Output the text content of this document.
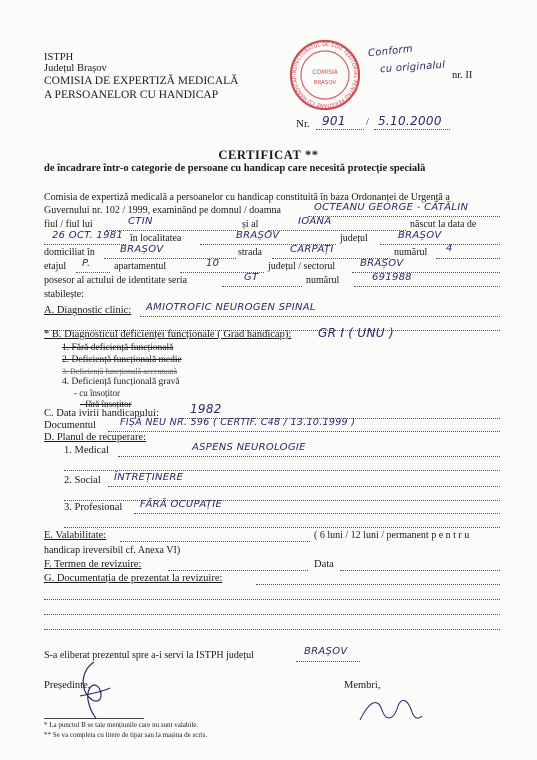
ISTPH
Județul Brașov
COMISIA DE EXPERTIZĂ MEDICALĂ
A PERSOANELOR CU HANDICAP
INSPECTORATUL DE STAT TERITORIAL PENTRU PERSOANE CU HANDICAP
COMISIA
BRAȘOV
Conform
cu originalul
nr. II
Nr. 901 / 5.10.2000
CERTIFICAT **
de încadrare într-o categorie de persoane cu handicap care necesită protecție specială
Comisia de expertiză medicală a persoanelor cu handicap constituită în baza Ordonanței de Urgență a
Guvernului nr. 102 / 1999, examinând pe domnul / doamna	OCTEANU GEORGE - CĂTĂLIN
fiul / fiul lui	CTIN	și al	IOANA	născut la data de
26 OCT. 1981 în localitatea	BRAȘOV	județul	BRAȘOV
domiciliat în	BRAȘOV	strada	CARPAȚI	numărul 4
etajul P. apartamentul	10	județul / sectorul BRAȘOV
posesor al actului de identitate seria	GT	numărul	691988
stabilește:
A. Diagnostic clinic: AMIOTROFIC NEUROGEN SPINAL
* B. Diagnosticul deficienței funcționale ( Grad handicap): GR I ( UNU )
1. Fără deficiență funcțională
2. Deficiență funcțională medie
3. Deficiență funcțională accentuată
4. Deficiență funcțională gravă
- cu însoțitor
- fără însoțitor
C. Data ivirii handicapului:	1982
Documentul	FIȘĂ NEU NR. 596 ( CERTIF. C48 / 13.10.1999 )
D. Planul de recuperare:
1. Medical	ASPENS NEUROLOGIE
2. Social ÎNTREȚINERE
3. Profesional FĂRĂ OCUPAȚIE
E. Valabilitate:	( 6 luni / 12 luni / permanent p e n t r u
handicap ireversibil cf. Anexa VI)
F. Termen de revizuire:	Data
G. Documentația de prezentat la revizuire:
S-a eliberat prezentul spre a-i servi la ISTPH județul	BRAȘOV
Președinte,	Membri,
* La punctul B se taie mențiunile care nu sunt valabile.
** Se va completa cu litere de tipar sau la mașina de scris.
